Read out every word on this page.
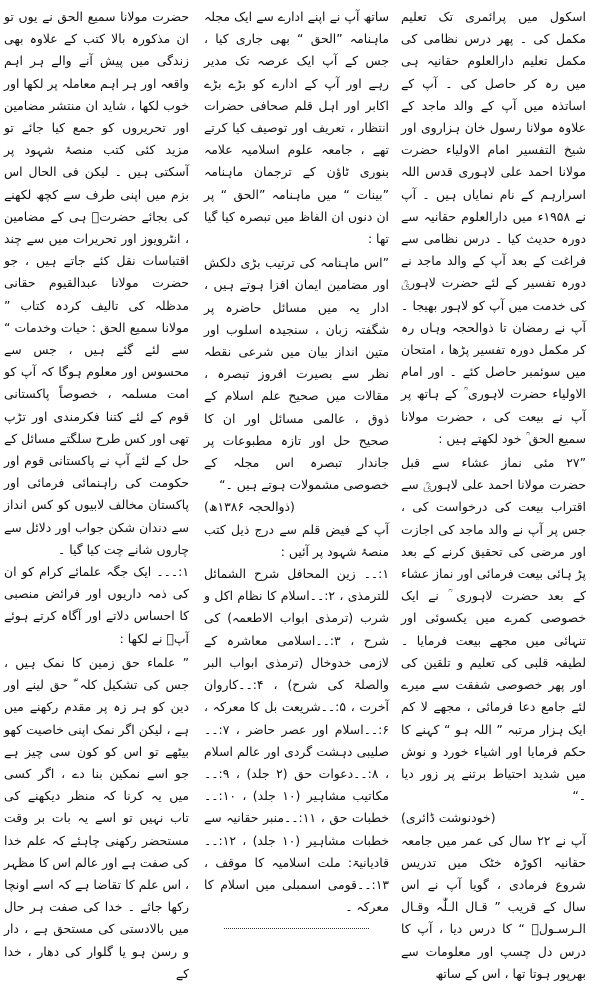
اسکول میں پرائمری تک تعلیم مکمل کی ۔ پھر درس نظامی کی مکمل تعلیم دارالعلوم حقانیہ ہی میں رہ کر حاصل کی ۔ آپ کے اساتذہ میں آپ کے والد ماجد کے علاوہ مولانا رسول خان ہزاروی اور شیخ التفسیر امام الاولیاء حضرت مولانا احمد علی لاہوری قدس اللہ اسرارہم کے نام نمایاں ہیں ۔ آپ نے ۱۹۵۸ء میں دارالعلوم حقانیہ سے دورہ حدیث کیا ۔ درس نظامی سے فراغت کے بعد آپ کے والد ماجد نے دورہ تفسیر کے لئے حضرت لاہوریؒ کی خدمت میں آپ کو لاہور بھیجا ۔ آپ نے رمضان تا ذوالحجہ وہاں رہ کر مکمل دورہ تفسیر پڑھا ، امتحان میں سوئمبر حاصل کئے ۔ اور امام الاولیاء حضرت لاہوری ؒ کے ہاتھ پر آپ نے بیعت کی ، حضرت مولانا سمیع الحق ؒ خود لکھتے ہیں :

”۲۷ مئی نماز عشاء سے قبل حضرت مولانا احمد علی لاہوریؒ سے اقتراب بیعت کی درخواست کی ، جس پر آپ نے والد ماجد کی اجازت اور مرضی کی تحقیق کرنے کے بعد پڑ ہائی بیعت فرمائی اور نماز عشاء کے بعد حضرت لاہوری ؒ نے ایک خصوصی کمرے میں یکسوئی اور تنہائی میں مجھے بیعت فرمایا ۔ لطیفہ قلبی کی تعلیم و تلقین کی اور پھر خصوصی شفقت سے میرے لئے جامع دعا فرمائی ، مجھے لا کم ایک ہزار مرتبہ ” اللہ ہو “ کہنے کا حکم فرمایا اور اشیاء خورد و نوش میں شدید احتیاط برتنے پر زور دیا ۔“

(خودنوشت ڈائری)

آپ نے ۲۲ سال کی عمر میں جامعہ حقانیہ اکوڑہ خٹک میں تدریس شروع فرمادی ، گویا آپ نے اس سال کے قریب ” قـال الـلّٰہ وقـال الـرسـولؐ “ کا درس دیا ، آپ کا درس دل چسپ اور معلومات سے بھرپور ہوتا تھا ، اس کے ساتھ

ساتھ آپ نے اپنے ادارے سے ایک مجلہ ماہنامہ ”الحق “ بھی جاری کیا ، جس کے آپ ایک عرصہ تک مدیر رہے اور آپ کے ادارے کو بڑے بڑے اکابر اور اہل قلم صحافی حضرات انتظار ، تعریف اور توصیف کیا کرتے تھے ، جامعہ علوم اسلامیہ علامہ بنوری ٹاؤن کے ترجمان ماہنامہ ”بینات “ میں ماہنامہ ”الحق “ پر ان دنوں ان الفاظ میں تبصرہ کیا گیا تھا :

”اس ماہنامہ کی ترتیب بڑی دلکش اور مضامین ایمان افزا ہوتے ہیں ، ادار یہ میں مسائل حاضرہ پر شگفتہ زبان ، سنجیدہ اسلوب اور متین انداز بیان میں شرعی نقطہ نظر سے بصیرت افروز تبصرہ ، مقالات میں صحیح علم اسلام کے ذوق ، عالمی مسائل اور ان کا صحیح حل اور تازہ مطبوعات پر جاندار تبصرہ اس مجلہ کے خصوصی مشمولات ہوتے ہیں ۔“

(ذوالحجہ ۱۳۸۶ھ)

آپ کے فیض قلم سے درج ذیل کتب منصۂ شہود پر آئیں :

۱:۔۔ زین المحافل شرح الشمائل للترمذی ، ۲:۔۔اسلام کا نظام اکل و شرب (ترمذی ابواب الاطعمہ) کی شرح ، ۳:۔۔اسلامی معاشرہ کے لازمی خدوخال (ترمذی ابواب البر والصلۃ کی شرح) ، ۴:۔۔کاروان آخرت ، ۵:۔۔شریعت بل کا معرکہ ، ۶:۔۔اسلام اور عصر حاضر ، ۷:۔۔صلیبی دہشت گردی اور عالم اسلام ، ۸:۔۔دعوات حق (۲ جلد) ، ۹:۔۔مکاتیب مشاہیر (۱۰ جلد) ، ۱۰:۔۔خطبات حق ، ۱۱:۔۔منبر حقانیہ سے خطبات مشاہیر (۱۰ جلد) ، ۱۲:۔۔قادیانیۃ: ملت اسلامیہ کا موقف ، ۱۳:۔۔قومی اسمبلی میں اسلام کا معرکہ ۔

حضرت مولانا سمیع الحق نے یوں تو ان مذکورہ بالا کتب کے علاوہ بھی زندگی میں پیش آنے والے ہر اہم واقعہ اور ہر اہم معاملہ پر لکھا اور خوب لکھا ، شاید ان منتشر مضامین اور تحریروں کو جمع کیا جائے تو مزید کئی کتب منصۂ شہود پر آسکتی ہیں ۔ لیکن فی الحال اس بزم میں اپنی طرف سے کچھ لکھنے کی بجائے حضرتؒ ہی کے مضامین ، انٹرویوز اور تحریرات میں سے چند اقتباسات نقل کئے جاتے ہیں ، جو حضرت مولانا عبدالقیوم حقانی مدظلہ کی تالیف کردہ کتاب ” مولانا سمیع الحق : حیات وخدمات “ سے لئے گئے ہیں ، جس سے محسوس اور معلوم ہوگا کہ آپ کو امت مسلمہ ، خصوصاً پاکستانی قوم کے لئے کتنا فکرمندی اور تڑپ تھی اور کس طرح سلگتے مسائل کے حل کے لئے آپ نے پاکستانی قوم اور حکومت کی راہنمائی فرمائی اور پاکستان مخالف لابیوں کو کس انداز سے دندان شکن جواب اور دلائل سے چاروں شانے چت کیا گیا ۔

۱:۔۔۔ ایک جگہ علمائے کرام کو ان کی ذمہ داریوں اور فرائض منصبی کا احساس دلاتے اور آگاہ کرتے ہوئے آپؒ نے لکھا :

” علماء حق زمین کا نمک ہیں ، جس کی تشکیل کلہ ّ حق لینے اور دین کو ہر زہ پر مقدم رکھنے میں ہے ، لیکن اگر نمک اپنی خاصیت کھو بیٹھے تو اس کو کون سی چیز ہے جو اسے نمکین بنا دے ، اگر کسی میں یہ کرنا کہ منظر دیکھنے کی تاب نہیں تو اسے یہ بات بر وقت مستحضر رکھنی چاہئے کہ علم خدا کی صفت ہے اور عالم اس کا مظہر ، اس علم کا تقاضا ہے کہ اسے اونچا رکھا جائے ۔ خدا کی صفت ہر حال میں بالادستی کی مستحق ہے ، دار و رسن ہو یا گلوار کی دھار ، خدا کے
